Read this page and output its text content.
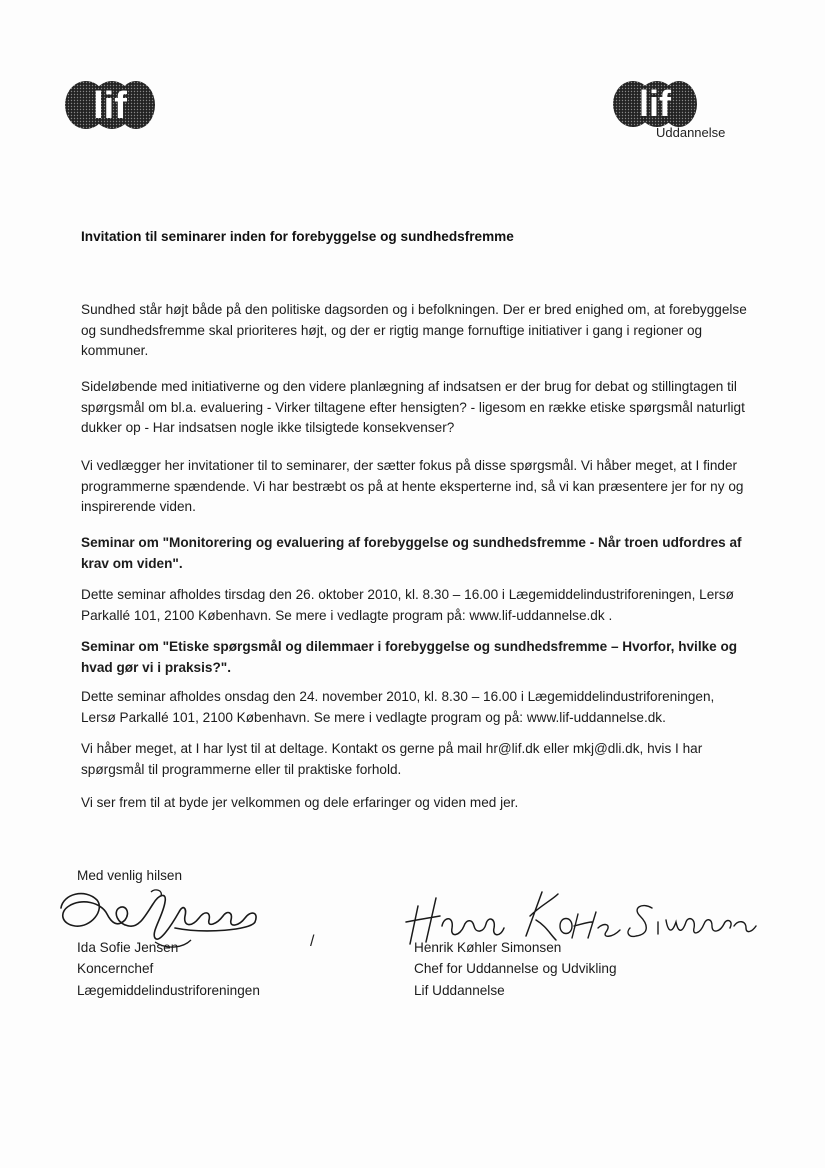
lif	lif
Uddannelse
Invitation til seminarer inden for forebyggelse og sundhedsfremme
Sundhed står højt både på den politiske dagsorden og i befolkningen. Der er bred enighed om, at forebyggelse og sundhedsfremme skal prioriteres højt, og der er rigtig mange fornuftige initiativer i gang i regioner og kommuner.
Sideløbende med initiativerne og den videre planlægning af indsatsen er der brug for debat og stillingtagen til spørgsmål om bl.a. evaluering - Virker tiltagene efter hensigten? - ligesom en række etiske spørgsmål naturligt dukker op - Har indsatsen nogle ikke tilsigtede konsekvenser?
Vi vedlægger her invitationer til to seminarer, der sætter fokus på disse spørgsmål. Vi håber meget, at I finder programmerne spændende. Vi har bestræbt os på at hente eksperterne ind, så vi kan præsentere jer for ny og inspirerende viden.
Seminar om "Monitorering og evaluering af forebyggelse og sundhedsfremme - Når troen udfordres af krav om viden".
Dette seminar afholdes tirsdag den 26. oktober 2010, kl. 8.30 – 16.00 i Lægemiddelindustriforeningen, Lersø Parkallé 101, 2100 København. Se mere i vedlagte program på: www.lif-uddannelse.dk .
Seminar om "Etiske spørgsmål og dilemmaer i forebyggelse og sundhedsfremme – Hvorfor, hvilke og hvad gør vi i praksis?".
Dette seminar afholdes onsdag den 24. november 2010, kl. 8.30 – 16.00 i Lægemiddelindustriforeningen, Lersø Parkallé 101, 2100 København. Se mere i vedlagte program og på: www.lif-uddannelse.dk.
Vi håber meget, at I har lyst til at deltage. Kontakt os gerne på mail hr@lif.dk eller mkj@dli.dk, hvis I har spørgsmål til programmerne eller til praktiske forhold.
Vi ser frem til at byde jer velkommen og dele erfaringer og viden med jer.
Med venlig hilsen
Ida Sofie Jensen
Koncernchef
Lægemiddelindustriforeningen
/	Henrik Køhler Simonsen
Chef for Uddannelse og Udvikling
Lif Uddannelse
